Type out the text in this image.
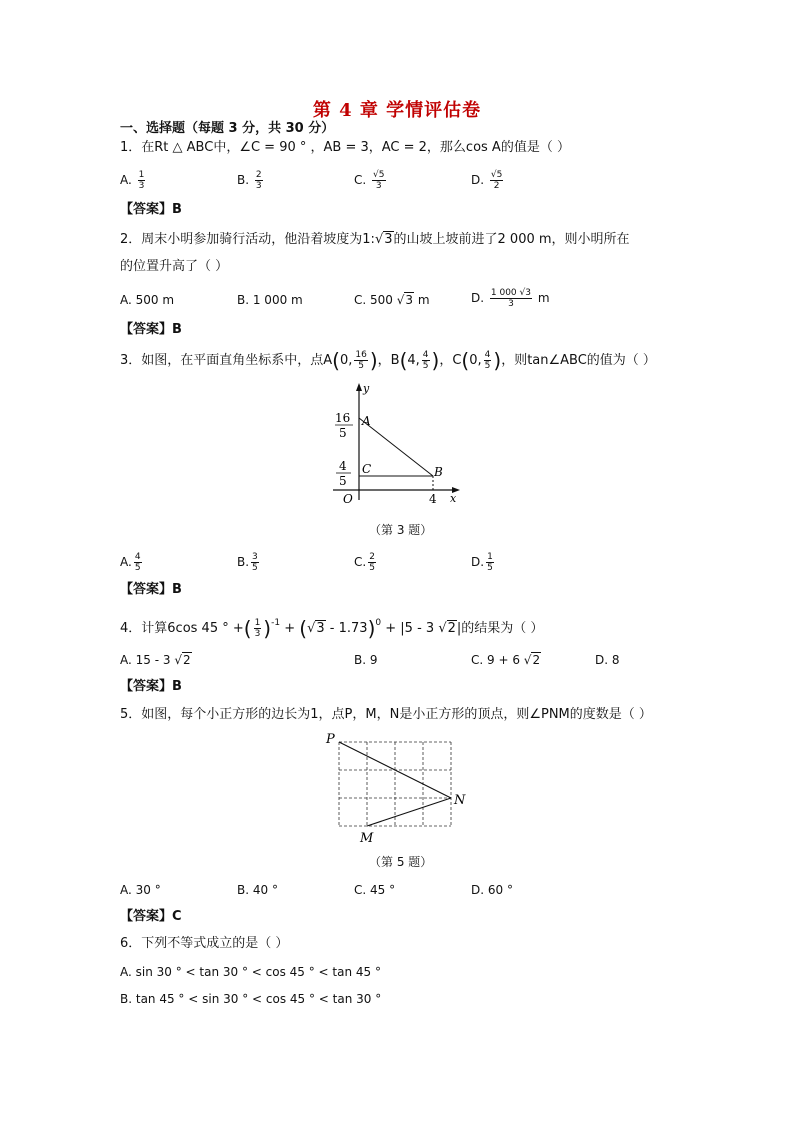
第 4 章 学情评估卷
一、选择题（每题 3 分，共 30 分）
1．在Rt △ ABC中，∠C = 90 ° ，AB = 3，AC = 2，那么cos A的值是（ ）
A. $\frac{1}{3}$	B. $\frac{2}{3}$	C. $\frac{√5}{3}$	D. $\frac{√5}{2}$
【答案】B
2．周末小明参加骑行活动，他沿着坡度为1:√3的山坡上坡前进了2 000 m，则小明所在
的位置升高了（ ）
A. 500 m	B. 1 000 m	C. 500 √3 m	D. $\frac{1 000 √3}{3}$ m
【答案】B
3．如图，在平面直角坐标系中，点A(0, $\frac{16}{5}$ )，B(4, $\frac{4}{5}$ )，C(0, $\frac{4}{5}$ )，则tan∠ABC的值为（ ）
y
x
O
A
C	B
16
5
4
5
4
（第 3 题）
A. $\frac{4}{5}$	B. $\frac{3}{5}$	C. $\frac{2}{5}$	D. $\frac{1}{5}$
【答案】B
4．计算6cos 45 ° +( $\frac{1}{3} )^{-1} + (√3 - 1.73)^0 + |5 - 3$ √2|的结果为（ ）
A. 15 - 3 √2	B. 9	C. 9 + 6 √2	D. 8
【答案】B
5．如图，每个小正方形的边长为1，点P，M，N是小正方形的顶点，则∠PNM的度数是（ ）
P
N
M
（第 5 题）
A. 30 °	B. 40 °	C. 45 °	D. 60 °
【答案】C
6．下列不等式成立的是（ ）
A. sin 30 ° < tan 30 ° < cos 45 ° < tan 45 °
B. tan 45 ° < sin 30 ° < cos 45 ° < tan 30 °
